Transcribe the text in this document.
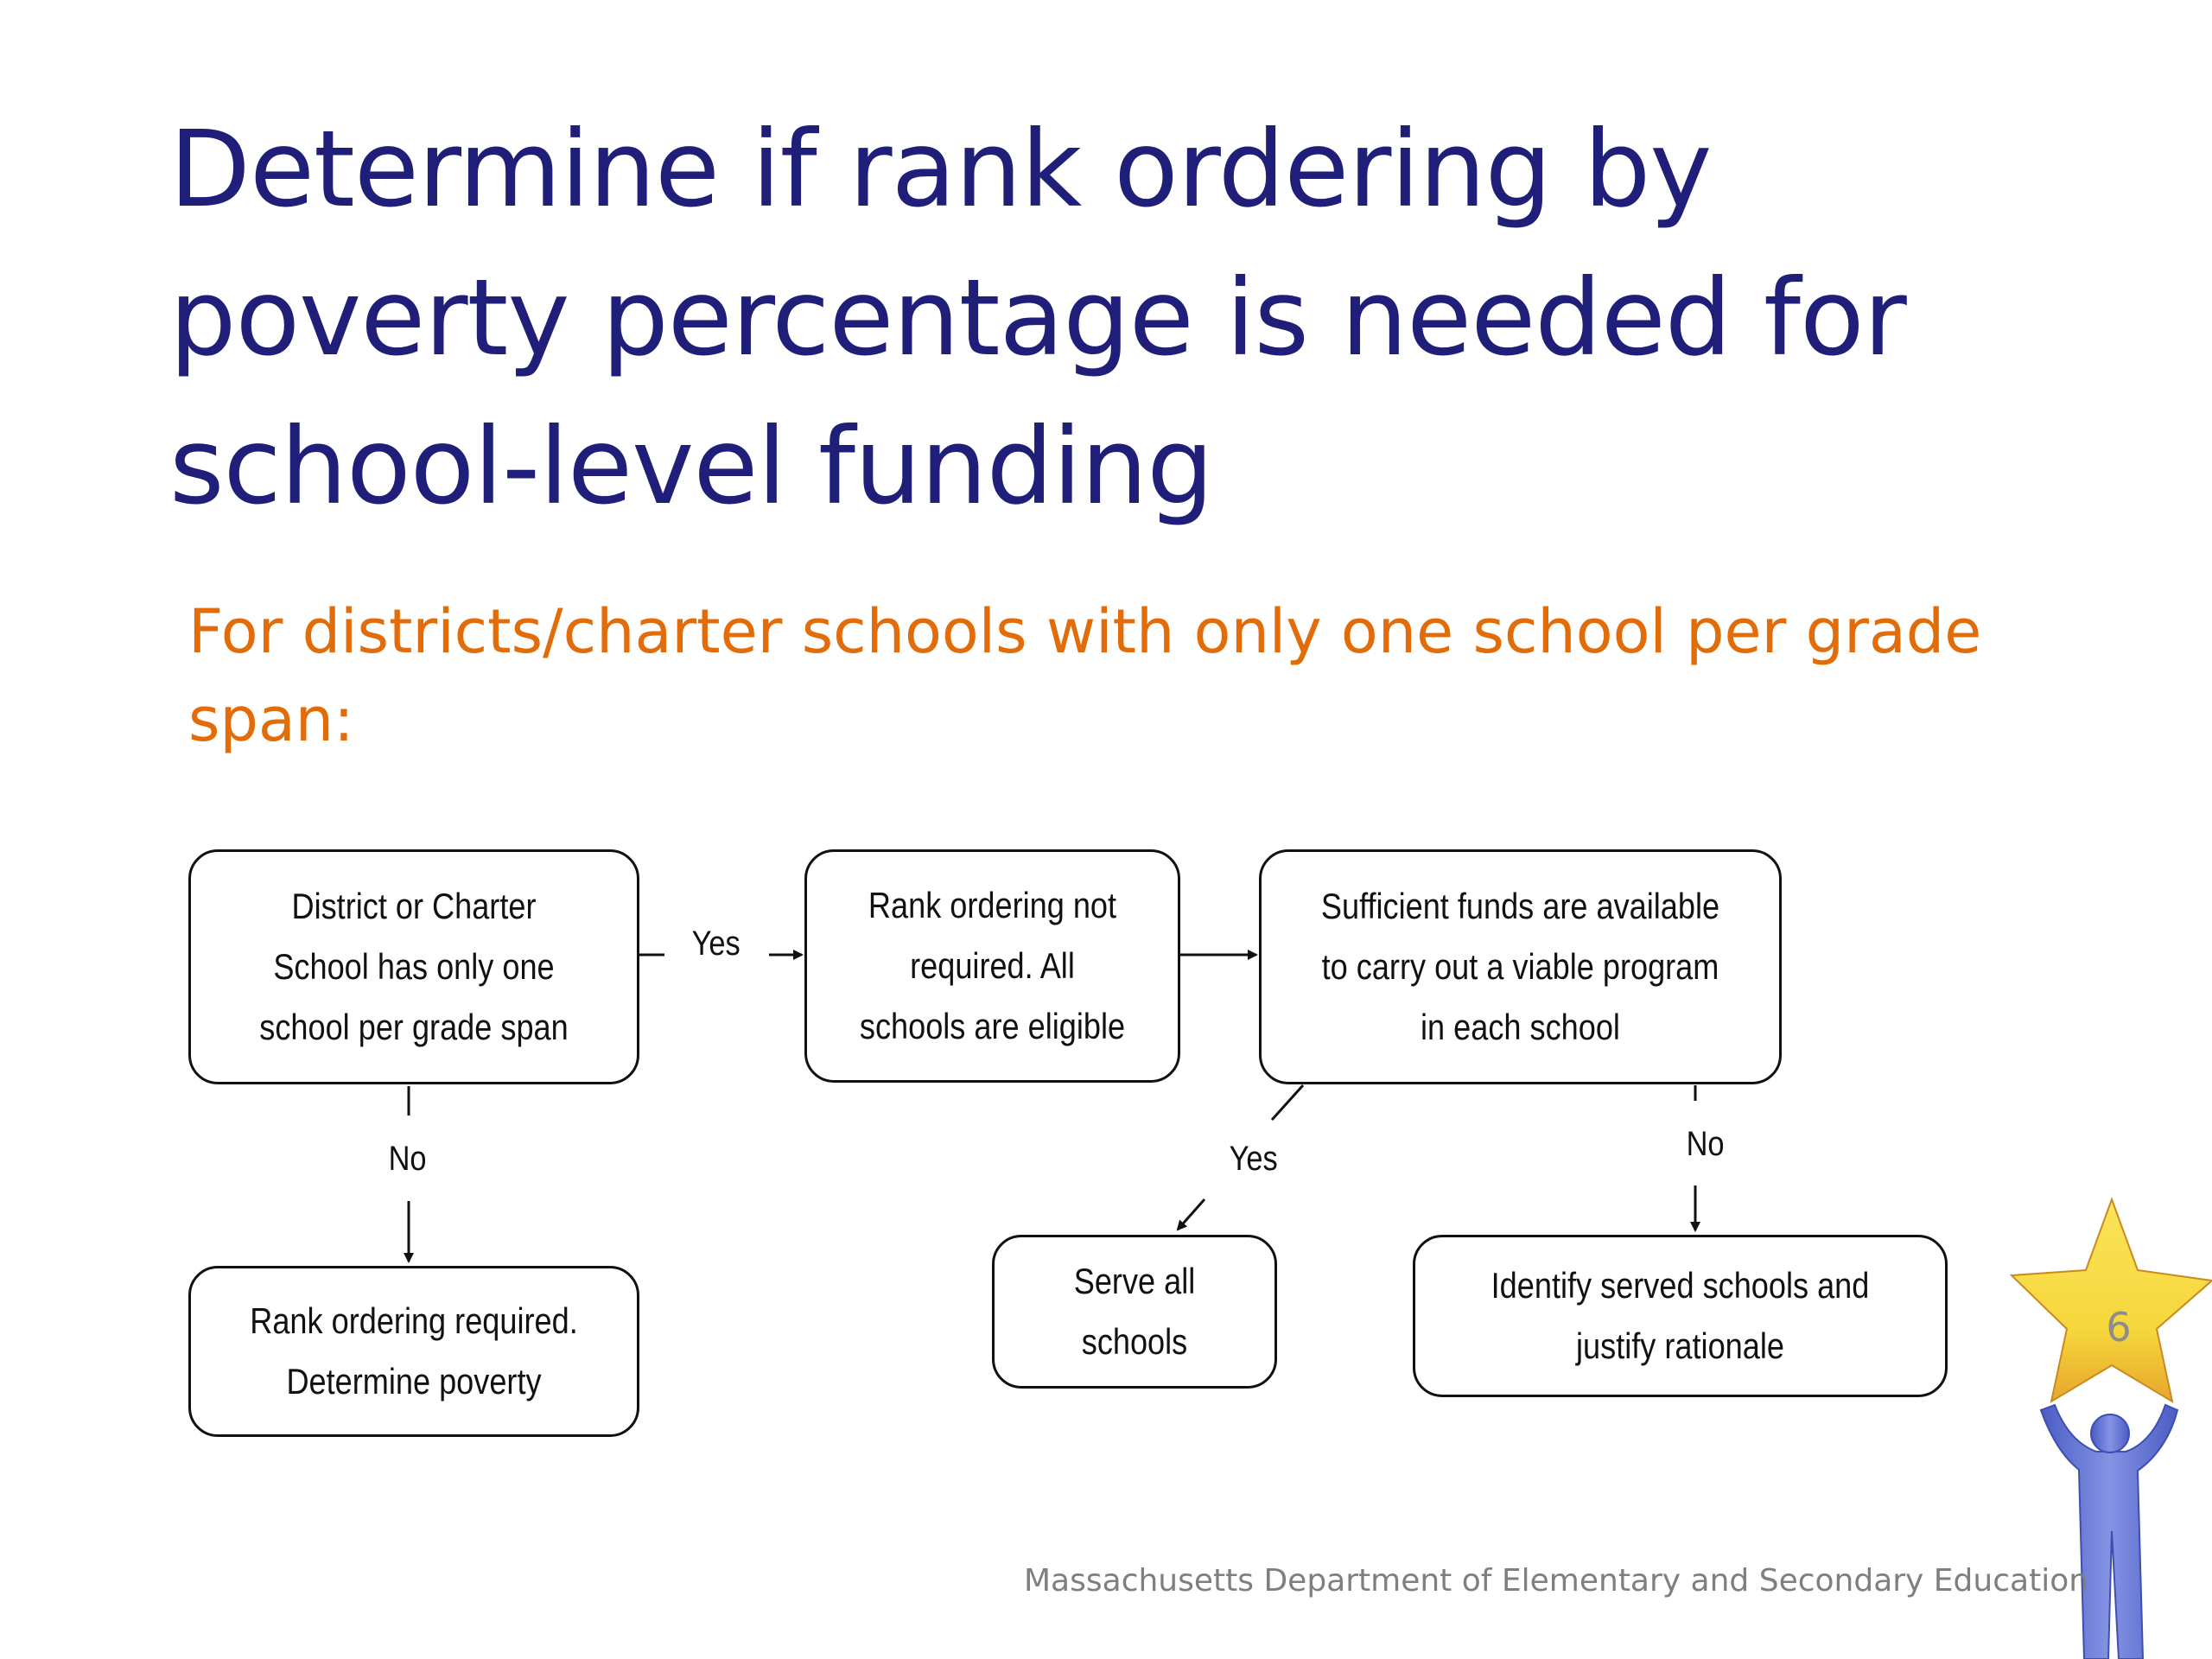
Determine if rank ordering by poverty percentage is needed for school-level funding

For districts/charter schools with only one school per grade span:

District or Charter School has only one school per grade span
Rank ordering not required. All schools are eligible
Sufficient funds are available to carry out a viable program in each school
Rank ordering required. Determine poverty
Serve all schools
Identify served schools and justify rationale
Yes
No	Yes	No
6
Massachusetts Department of Elementary and Secondary Education
